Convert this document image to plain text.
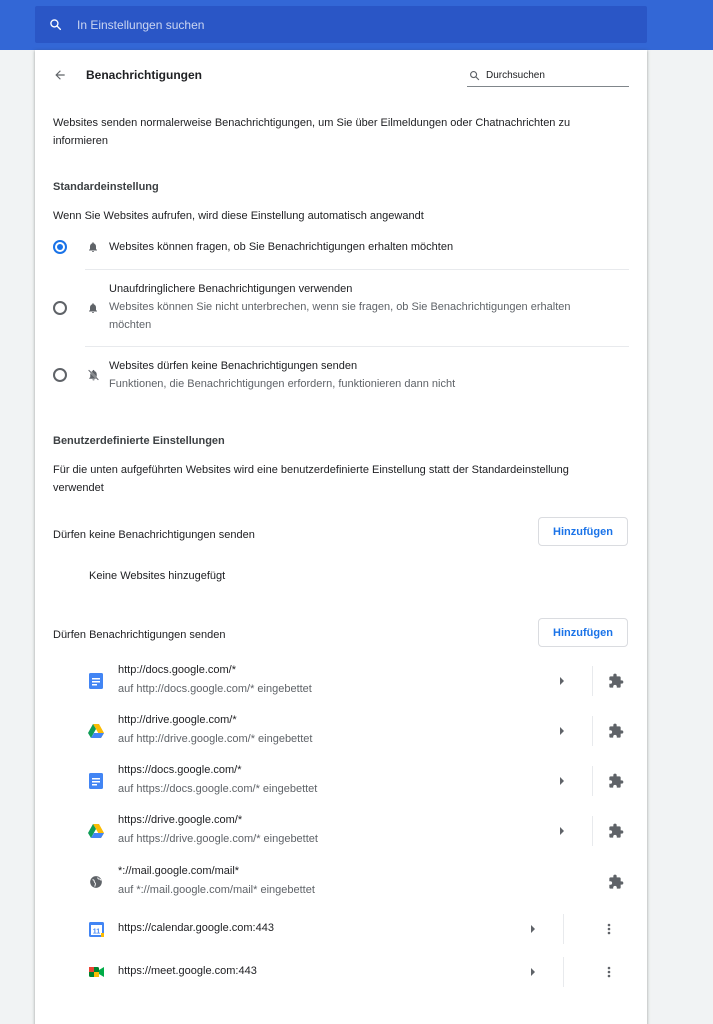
In Einstellungen suchen
Benachrichtigungen
Durchsuchen
Websites senden normalerweise Benachrichtigungen, um Sie über Eilmeldungen oder Chatnachrichten zu informieren
Standardeinstellung
Wenn Sie Websites aufrufen, wird diese Einstellung automatisch angewandt
Websites können fragen, ob Sie Benachrichtigungen erhalten möchten
Unaufdringlichere Benachrichtigungen verwenden
Websites können Sie nicht unterbrechen, wenn sie fragen, ob Sie Benachrichtigungen erhalten möchten
Websites dürfen keine Benachrichtigungen senden
Funktionen, die Benachrichtigungen erfordern, funktionieren dann nicht
Benutzerdefinierte Einstellungen
Für die unten aufgeführten Websites wird eine benutzerdefinierte Einstellung statt der Standardeinstellung verwendet
Dürfen keine Benachrichtigungen senden	Hinzufügen
Keine Websites hinzugefügt
Dürfen Benachrichtigungen senden	Hinzufügen
http://docs.google.com/*
auf http://docs.google.com/* eingebettet
http://drive.google.com/*
auf http://drive.google.com/* eingebettet
https://docs.google.com/*
auf https://docs.google.com/* eingebettet
https://drive.google.com/*
auf https://drive.google.com/* eingebettet
*://mail.google.com/mail*
auf *://mail.google.com/mail* eingebettet
11 https://calendar.google.com:443
https://meet.google.com:443
